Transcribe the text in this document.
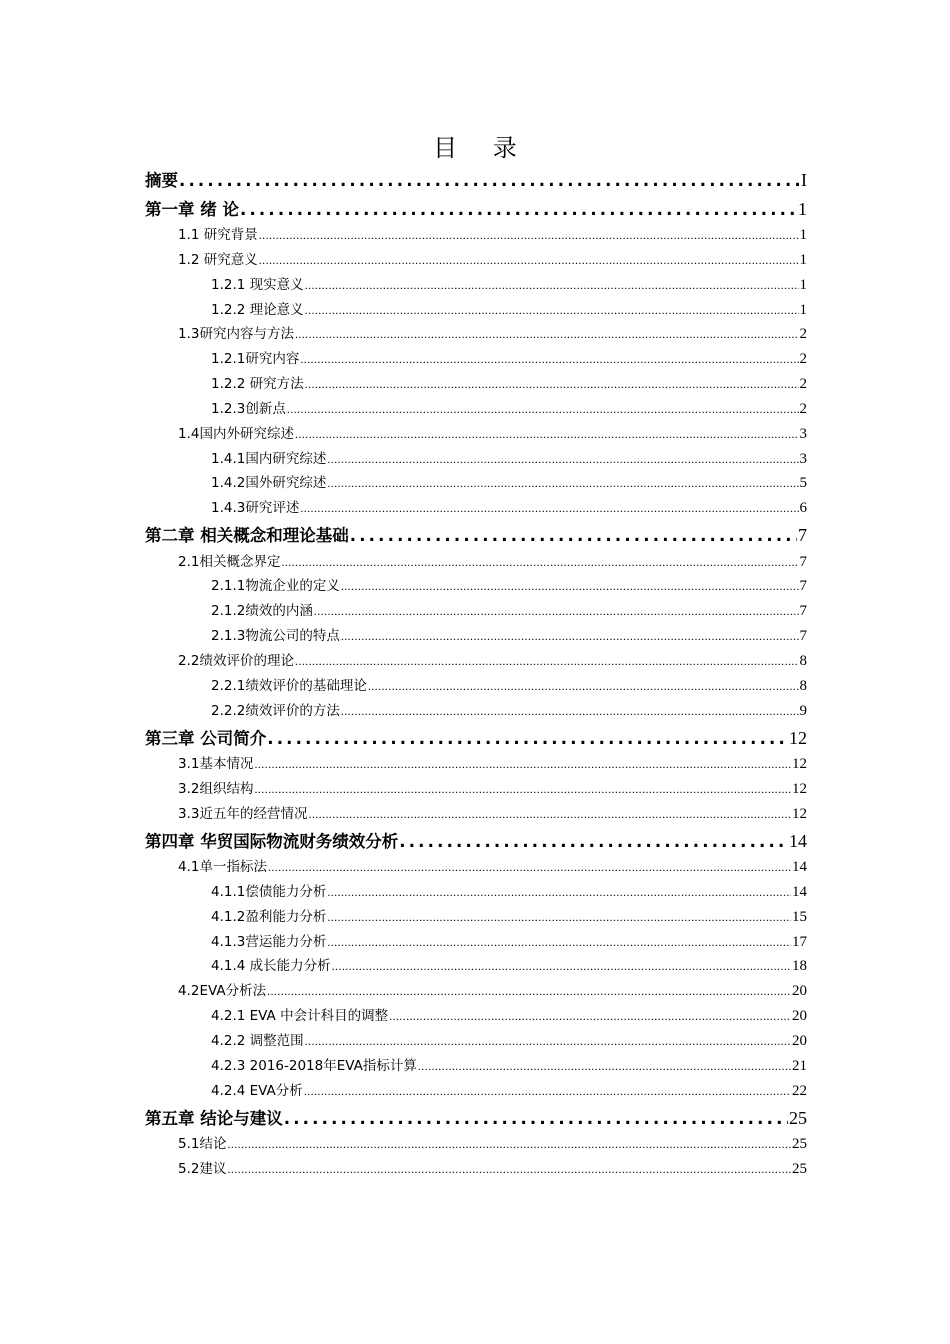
目 录
摘要 .....	I
第一章 绪 论 .....	1
1.1 研究背景 .....	1
1.2 研究意义 .....	1
1.2.1 现实意义 .....	1
1.2.2 理论意义 .....	1
1.3研究内容与方法 .....	2
1.2.1研究内容 .....	2
1.2.2 研究方法 .....	2
1.2.3创新点 .....	2
1.4国内外研究综述 .....	3
1.4.1国内研究综述 .....	3
1.4.2国外研究综述 .....	5
1.4.3研究评述 .....	6
第二章 相关概念和理论基础 .....	7
2.1相关概念界定 .....	7
2.1.1物流企业的定义 .....	7
2.1.2绩效的内涵 .....	7
2.1.3物流公司的特点 .....	7
2.2绩效评价的理论 .....	8
2.2.1绩效评价的基础理论 .....	8
2.2.2绩效评价的方法 .....	9
第三章 公司简介 .....	12
3.1基本情况 .....	12
3.2组织结构 .....	12
3.3近五年的经营情况 .....	12
第四章 华贸国际物流财务绩效分析 .....	14
4.1单一指标法 .....	14
4.1.1偿债能力分析 .....	14
4.1.2盈利能力分析 .....	15
4.1.3营运能力分析 .....	17
4.1.4 成长能力分析 .....	18
4.2EVA分析法 .....	20
4.2.1 EVA 中会计科目的调整 .....	20
4.2.2 调整范围 .....	20
4.2.3 2016-2018年EVA指标计算 .....	21
4.2.4 EVA分析 .....	22
第五章 结论与建议 .....	25
5.1结论 .....	25
5.2建议 .....	25
